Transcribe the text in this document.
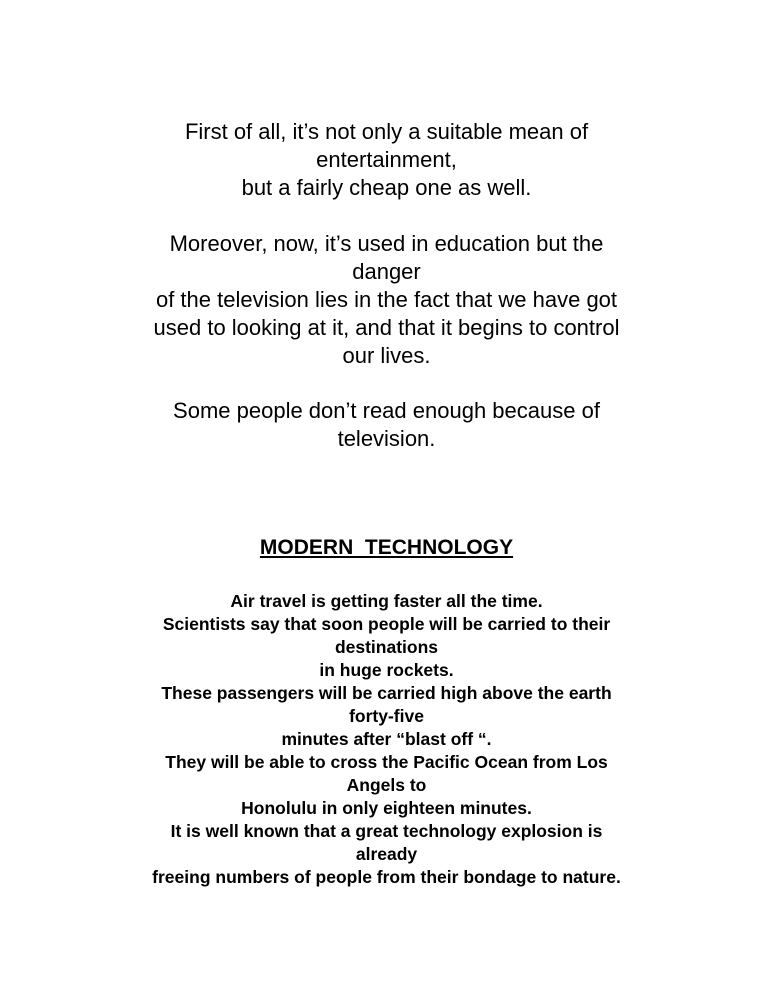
First of all, it’s not only a suitable mean of
entertainment,
but a fairly cheap one as well.
Moreover, now, it’s used in education but the
danger
of the television lies in the fact that we have got
used to looking at it, and that it begins to control
our lives.
Some people don’t read enough because of
television.
MODERN  TECHNOLOGY
Air travel is getting faster all the time.
Scientists say that soon people will be carried to their
destinations
in huge rockets.
These passengers will be carried high above the earth
forty-five
minutes after “blast off “.
They will be able to cross the Pacific Ocean from Los
Angels to
Honolulu in only eighteen minutes.
It is well known that a great technology explosion is
already
freeing numbers of people from their bondage to nature.
